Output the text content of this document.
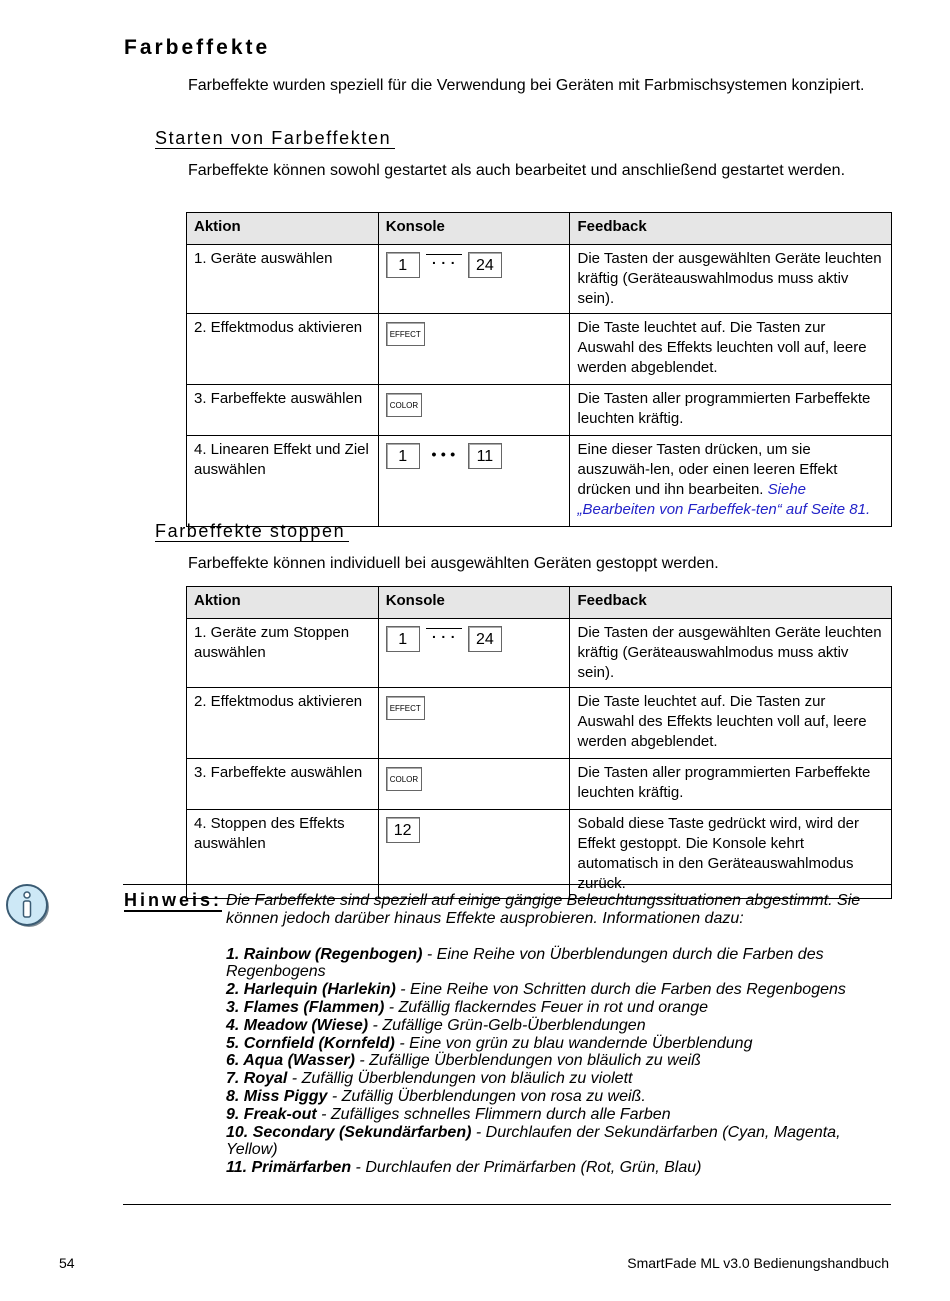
Farbeffekte
Farbeffekte wurden speziell für die Verwendung bei Geräten mit Farbmischsystemen konzipiert.
Starten von Farbeffekten
Farbeffekte können sowohl gestartet als auch bearbeitet und anschließend gestartet werden.
Aktion	Konsole	Feedback
1. Geräte auswählen	1 ... 24	Die Tasten der ausgewählten Geräte leuchten kräftig (Geräteauswahlmodus muss aktiv sein).
2. Effektmodus aktivieren	EFFECT	Die Taste leuchtet auf. Die Tasten zur Auswahl des Effekts leuchten voll auf, leere werden abgeblendet.
3. Farbeffekte auswählen	COLOR	Die Tasten aller programmierten Farbeffekte leuchten kräftig.
4. Linearen Effekt und Ziel auswählen	1 ••• 11	Eine dieser Tasten drücken, um sie auszuwäh-len, oder einen leeren Effekt drücken und ihn bearbeiten. Siehe „Bearbeiten von Farbeffek-ten“ auf Seite 81.
Farbeffekte stoppen
Farbeffekte können individuell bei ausgewählten Geräten gestoppt werden.
Aktion	Konsole	Feedback
1. Geräte zum Stoppen auswählen	1 ... 24	Die Tasten der ausgewählten Geräte leuchten kräftig (Geräteauswahlmodus muss aktiv sein).
2. Effektmodus aktivieren	EFFECT	Die Taste leuchtet auf. Die Tasten zur Auswahl des Effekts leuchten voll auf, leere werden abgeblendet.
3. Farbeffekte auswählen	COLOR	Die Tasten aller programmierten Farbeffekte leuchten kräftig.
4. Stoppen des Effekts auswählen	12	Sobald diese Taste gedrückt wird, wird der Effekt gestoppt. Die Konsole kehrt automatisch in den Geräteauswahlmodus zurück.
Hinweis: Die Farbeffekte sind speziell auf einige gängige Beleuchtungssituationen abgestimmt. Sie können jedoch darüber hinaus Effekte ausprobieren. Informationen dazu:
1. Rainbow (Regenbogen) - Eine Reihe von Überblendungen durch die Farben des Regenbogens
2. Harlequin (Harlekin) - Eine Reihe von Schritten durch die Farben des Regenbogens
3. Flames (Flammen) - Zufällig flackerndes Feuer in rot und orange
4. Meadow (Wiese) - Zufällige Grün-Gelb-Überblendungen
5. Cornfield (Kornfeld) - Eine von grün zu blau wandernde Überblendung
6. Aqua (Wasser) - Zufällige Überblendungen von bläulich zu weiß
7. Royal - Zufällig Überblendungen von bläulich zu violett
8. Miss Piggy - Zufällig Überblendungen von rosa zu weiß.
9. Freak-out - Zufälliges schnelles Flimmern durch alle Farben
10. Secondary (Sekundärfarben) - Durchlaufen der Sekundärfarben (Cyan, Magenta, Yellow)
11. Primärfarben - Durchlaufen der Primärfarben (Rot, Grün, Blau)
54	SmartFade ML v3.0 Bedienungshandbuch
